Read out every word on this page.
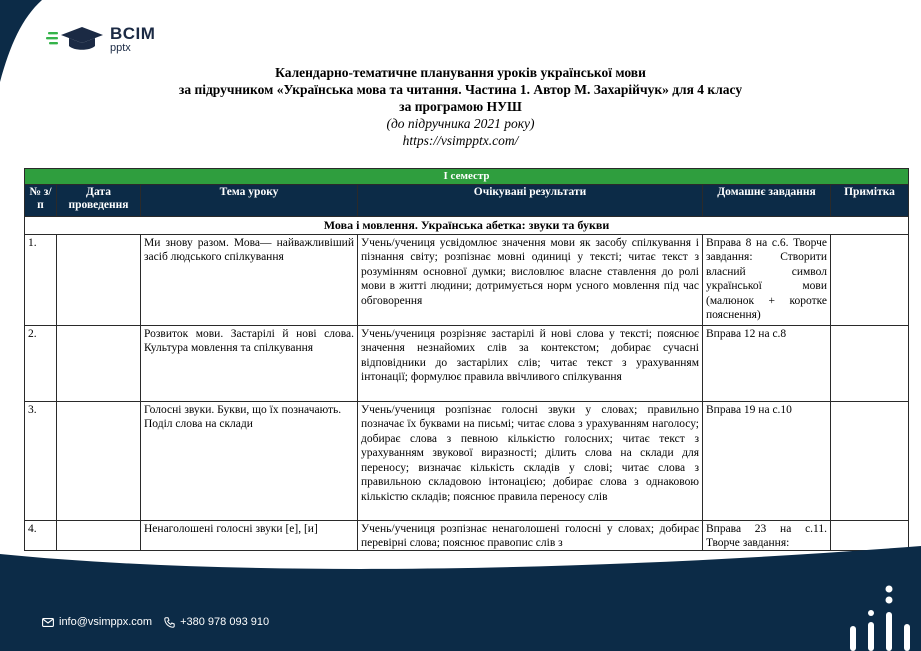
BCIM
pptx
Календарно-тематичне планування уроків української мови
за підручником «Українська мова та читання. Частина 1. Автор М. Захарійчук» для 4 класу
за програмою НУШ
(до підручника 2021 року)
https://vsimpptx.com/
І семестр					
№ з/п	Дата проведення	Тема уроку	Очікувані результати	Домашнє завдання	Примітка
Мова і мовлення. Українська абетка: звуки та букви					
1.		Ми знову разом. Мова— найважливіший засіб людського спілкування	Учень/учениця усвідомлює значення мови як засобу спілкування і пізнання світу; розпізнає мовні одиниці у тексті; читає текст з розумінням основної думки; висловлює власне ставлення до ролі мови в житті людини; дотримується норм усного мовлення під час обговорення	Вправа 8 на с.6. Творче завдання: Створити власний символ української мови (малюнок + коротке пояснення)	
2.		Розвиток мови. Застарілі й нові слова. Культура мовлення та спілкування	Учень/учениця розрізняє застарілі й нові слова у тексті; пояснює значення незнайомих слів за контекстом; добирає сучасні відповідники до застарілих слів; читає текст з урахуванням інтонації; формулює правила ввічливого спілкування	Вправа 12 на с.8	
3.		Голосні звуки. Букви, що їх позначають. Поділ слова на склади	Учень/учениця розпізнає голосні звуки у словах; правильно позначає їх буквами на письмі; читає слова з урахуванням наголосу; добирає слова з певною кількістю голосних; читає текст з урахуванням звукової виразності; ділить слова на склади для переносу; визначає кількість складів у слові; читає слова з правильною складовою інтонацією; добирає слова з однаковою кількістю складів; пояснює правила переносу слів	Вправа 19 на с.10	

4.		Ненаголошені голосні звуки [е], [и]	Учень/учениця розпізнає ненаголошені голосні у словах; добирає перевірні слова; пояснює правопис слів з	Вправа 23 на с.11. Творче завдання:	

info@vsimppx.com	+380 978 093 910
